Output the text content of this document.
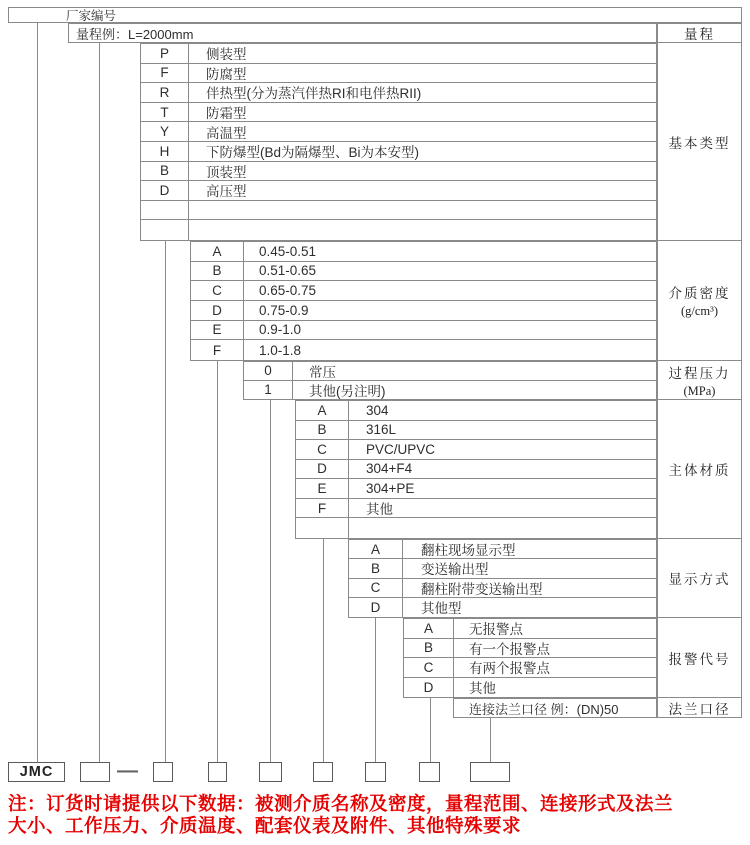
厂家编号
量程例：L=2000mm
P	侧装型
F	防腐型
R	伴热型(分为蒸汽伴热RI和电伴热RII)
T	防霜型
Y	高温型
H	下防爆型(Bd为隔爆型、Bi为本安型)
B	顶装型
D	高压型
A	0.45-0.51
B	0.51-0.65
C	0.65-0.75
D	0.75-0.9
E	0.9-1.0
F	1.0-1.8
0	常压
1	其他(另注明)
A	304
B	316L
C	PVC/UPVC
D	304+F4
E	304+PE
F	其他
A	翻柱现场显示型
B	变送输出型
C	翻柱附带变送输出型
D	其他型
A	无报警点
B	有一个报警点
C	有两个报警点
D	其他
连接法兰口径 例：(DN)50
量程
基本类型
介质密度
(g/cm³)
过程压力
(MPa)
主体材质
显示方式
报警代号
法兰口径
JMC	—
注：订货时请提供以下数据：被测介质名称及密度，量程范围、连接形式及法兰
大小、工作压力、介质温度、配套仪表及附件、其他特殊要求
